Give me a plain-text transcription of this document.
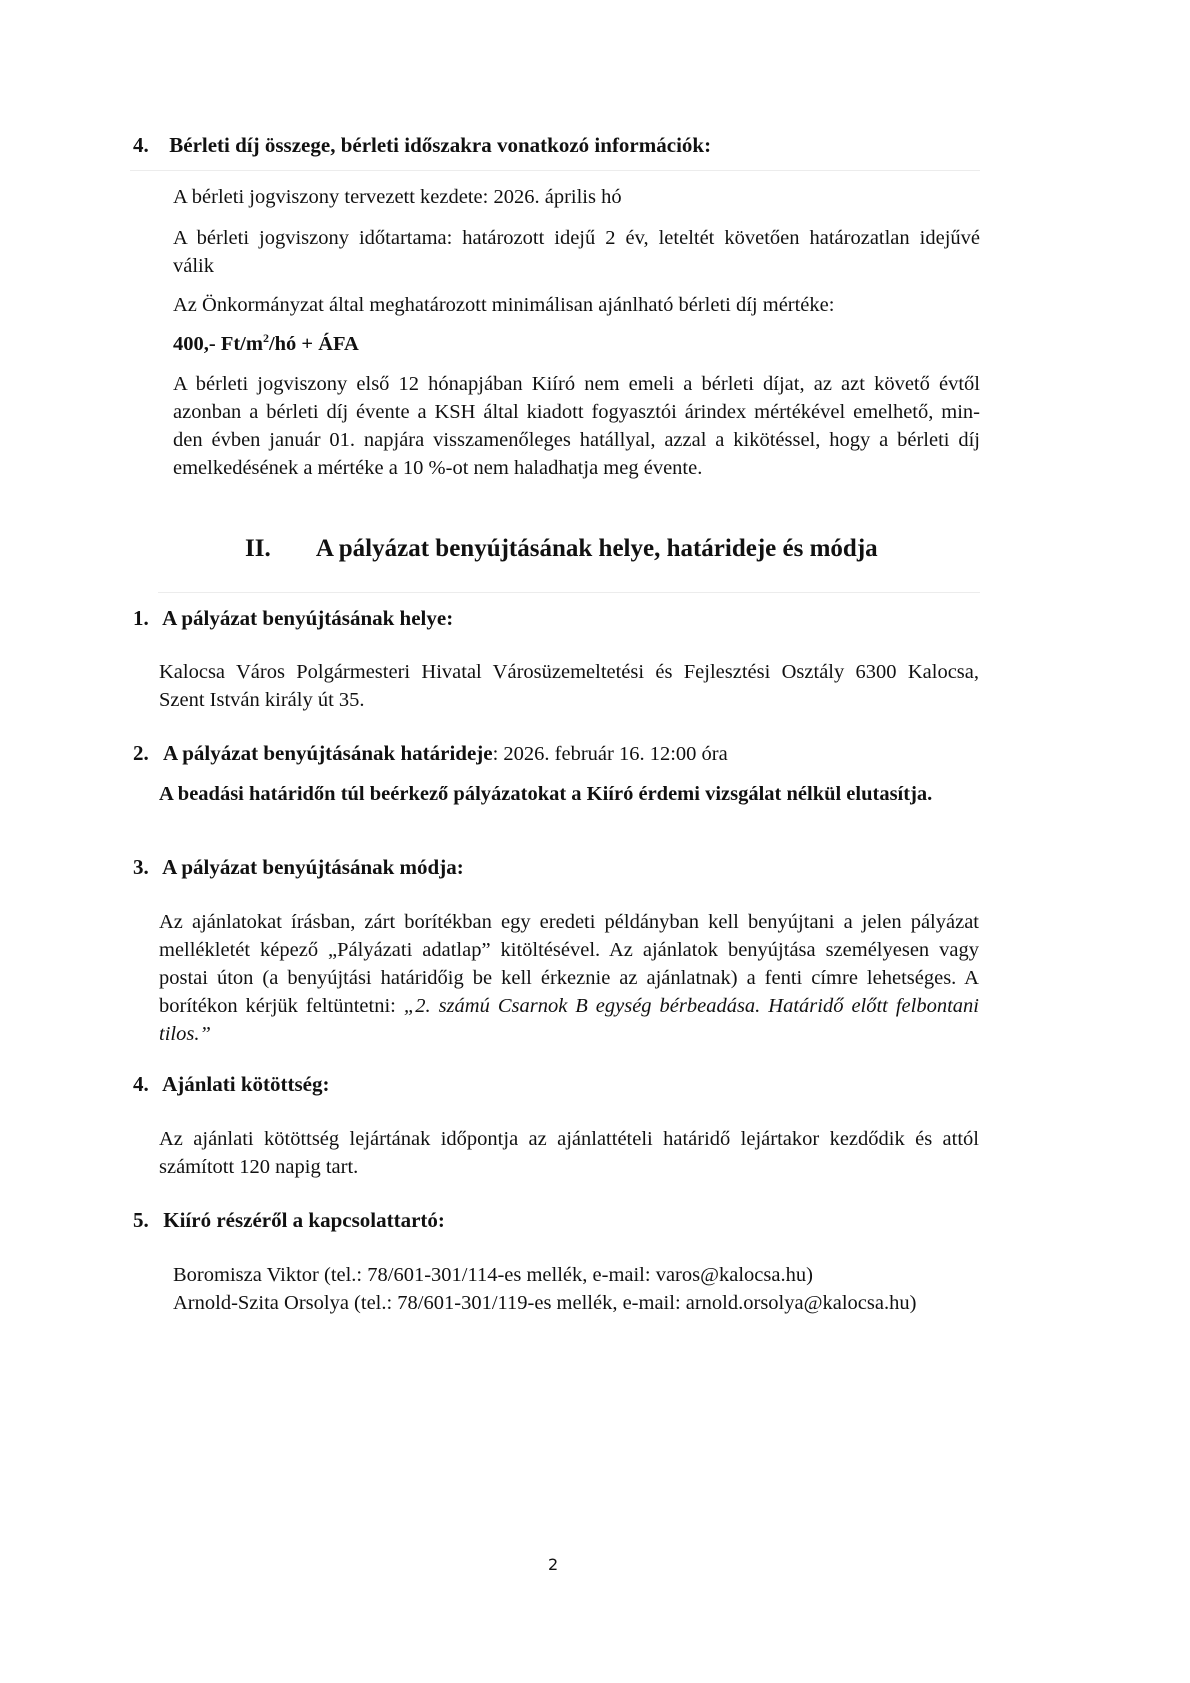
4. Bérleti díj összege, bérleti időszakra vonatkozó információk:
A bérleti jogviszony tervezett kezdete: 2026. április hó
A bérleti jogviszony időtartama: határozott idejű 2 év, leteltét követően határozatlan idejűvé
válik
Az Önkormányzat által meghatározott minimálisan ajánlható bérleti díj mértéke:
400,- $Ft/m^2/hó$ + ÁFA
A bérleti jogviszony első 12 hónapjában Kiíró nem emeli a bérleti díjat, az azt követő évtől
azonban a bérleti díj évente a KSH által kiadott fogyasztói árindex mértékével emelhető, min-
den évben január 01. napjára visszamenőleges hatállyal, azzal a kikötéssel, hogy a bérleti díj
emelkedésének a mértéke a 10 %-ot nem haladhatja meg évente.
II. A pályázat benyújtásának helye, határideje és módja
1. A pályázat benyújtásának helye:
Kalocsa Város Polgármesteri Hivatal Városüzemeltetési és Fejlesztési Osztály 6300 Kalocsa,
Szent István király út 35.
2. A pályázat benyújtásának határideje: 2026. február 16. 12:00 óra
A beadási határidőn túl beérkező pályázatokat a Kiíró érdemi vizsgálat nélkül elutasítja.
3. A pályázat benyújtásának módja:
Az ajánlatokat írásban, zárt borítékban egy eredeti példányban kell benyújtani a jelen pályázat
mellékletét képező „Pályázati adatlap” kitöltésével. Az ajánlatok benyújtása személyesen vagy
postai úton (a benyújtási határidőig be kell érkeznie az ajánlatnak) a fenti címre lehetséges. A
borítékon kérjük feltüntetni: „2. számú Csarnok B egység bérbeadása. Határidő előtt felbontani
tilos.”
4. Ajánlati kötöttség:
Az ajánlati kötöttség lejártának időpontja az ajánlattételi határidő lejártakor kezdődik és attól
számított 120 napig tart.
5. Kiíró részéről a kapcsolattartó:
Boromisza Viktor (tel.: 78/601-301/114-es mellék, e-mail: varos@kalocsa.hu)
Arnold-Szita Orsolya (tel.: 78/601-301/119-es mellék, e-mail: arnold.orsolya@kalocsa.hu)
2
